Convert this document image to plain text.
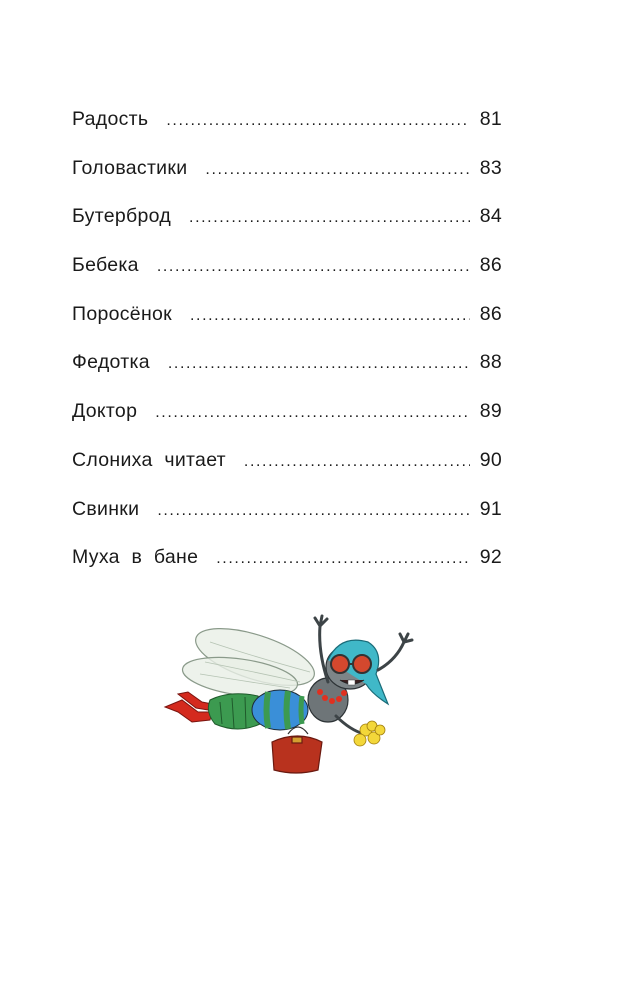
Радость .....	81
Головастики .....	83
Бутерброд .....	84
Бебека .....	86
Поросёнок .....	86
Федотка .....	88
Доктор .....	89
Слониха читает .....	90
Свинки .....	91
Муха в бане .....	92
